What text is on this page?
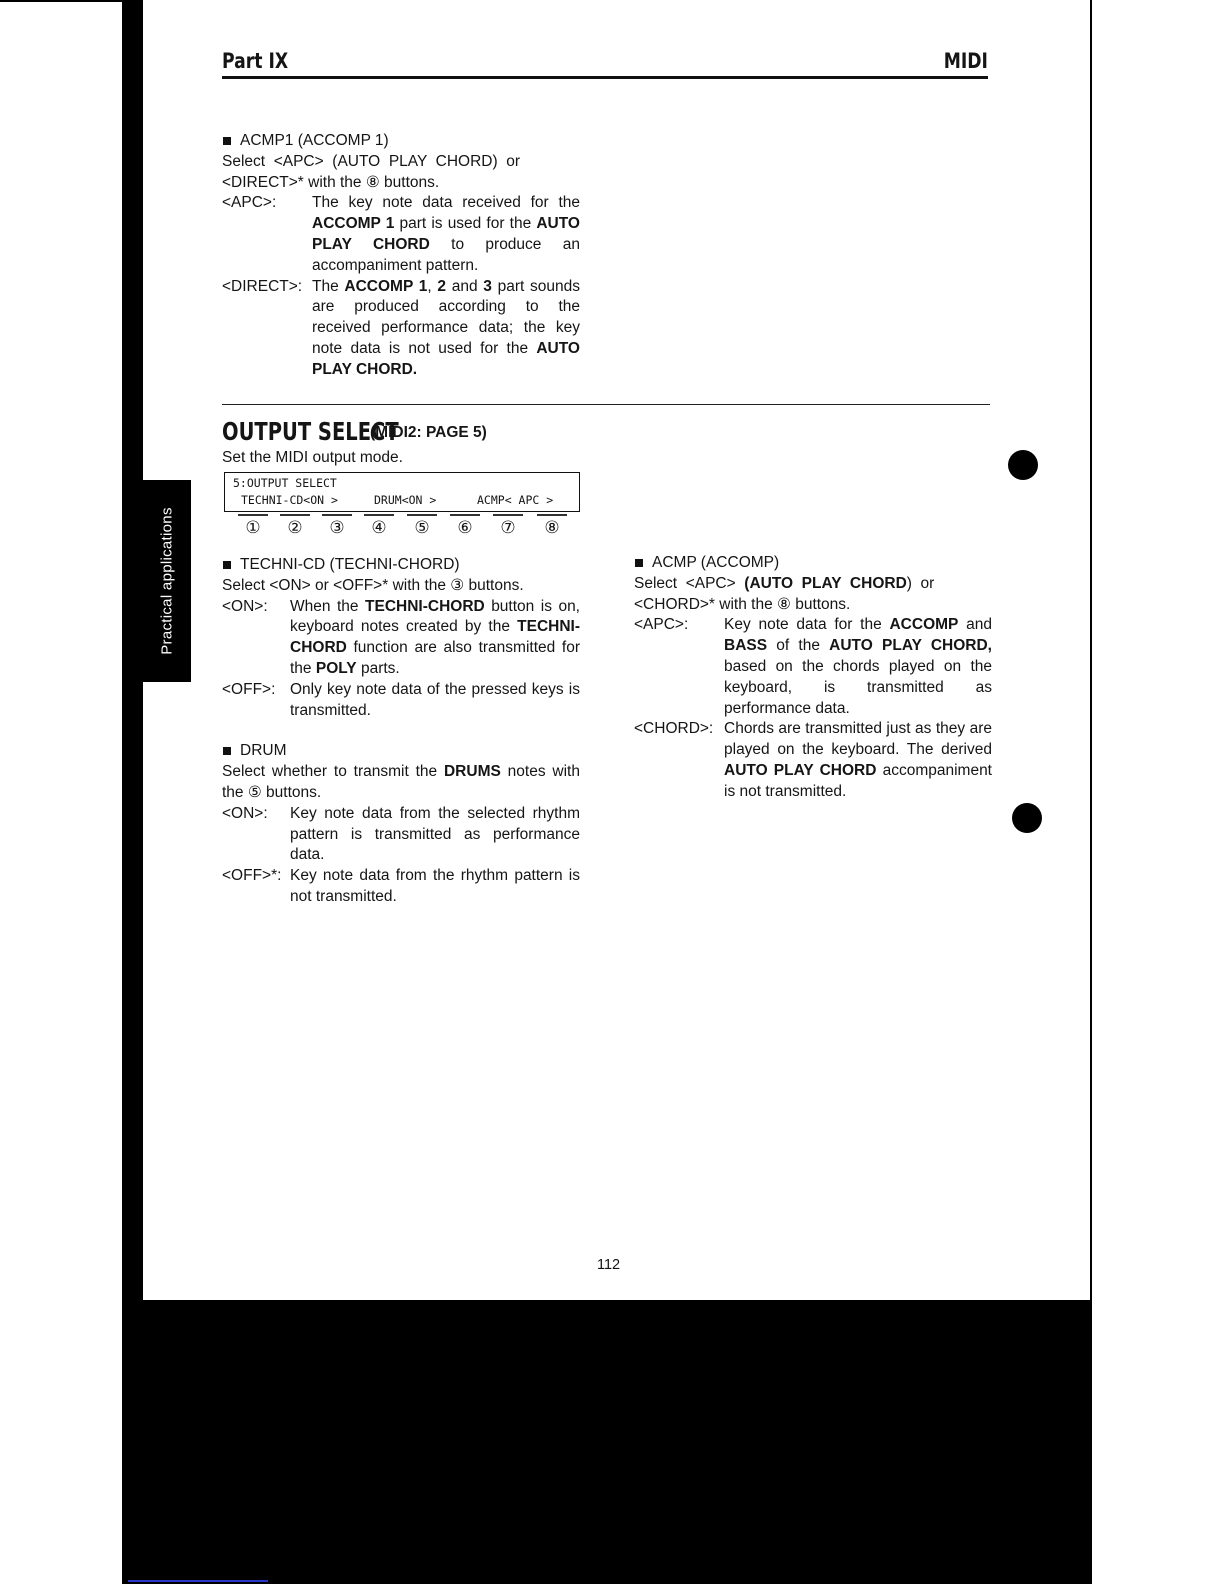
Practical applications
Part IX	MIDI
ACMP1 (ACCOMP 1)
Select  <APC>  (AUTO  PLAY  CHORD)  or
<DIRECT>* with the ⑧ buttons.
<APC>:	The key note data received for the ACCOMP 1 part is used for the AUTO PLAY CHORD to produce an accompaniment pattern.
<DIRECT>: The ACCOMP 1, 2 and 3 part sounds are produced according to the received performance data; the key note data is not used for the AUTO PLAY CHORD.
OUTPUT SELECT
(MIDI2: PAGE 5)
Set the MIDI output mode.
5:OUTPUT SELECT
TECHNI-CD<ON >	DRUM<ON >	ACMP< APC >
①	②	③	④	⑤	⑥	⑦	⑧
TECHNI-CD (TECHNI-CHORD)
Select <ON> or <OFF>* with the ③ buttons.
<ON>:	When the TECHNI-CHORD button is on, keyboard notes created by the TECHNI-CHORD function are also transmitted for the POLY parts.
<OFF>: Only key note data of the pressed keys is transmitted.
DRUM
Select whether to transmit the DRUMS notes with the ⑤ buttons.
<ON>:	Key note data from the selected rhythm pattern is transmitted as performance data.
<OFF>*: Key note data from the rhythm pattern is not transmitted.
ACMP (ACCOMP)
Select  <APC>  (AUTO  PLAY  CHORD)  or
<CHORD>* with the ⑧ buttons.
<APC>:	Key note data for the ACCOMP and BASS of the AUTO PLAY CHORD, based on the chords played on the keyboard, is transmitted as performance data.
<CHORD>: Chords are transmitted just as they are played on the keyboard. The derived AUTO PLAY CHORD accompaniment is not transmitted.
112
